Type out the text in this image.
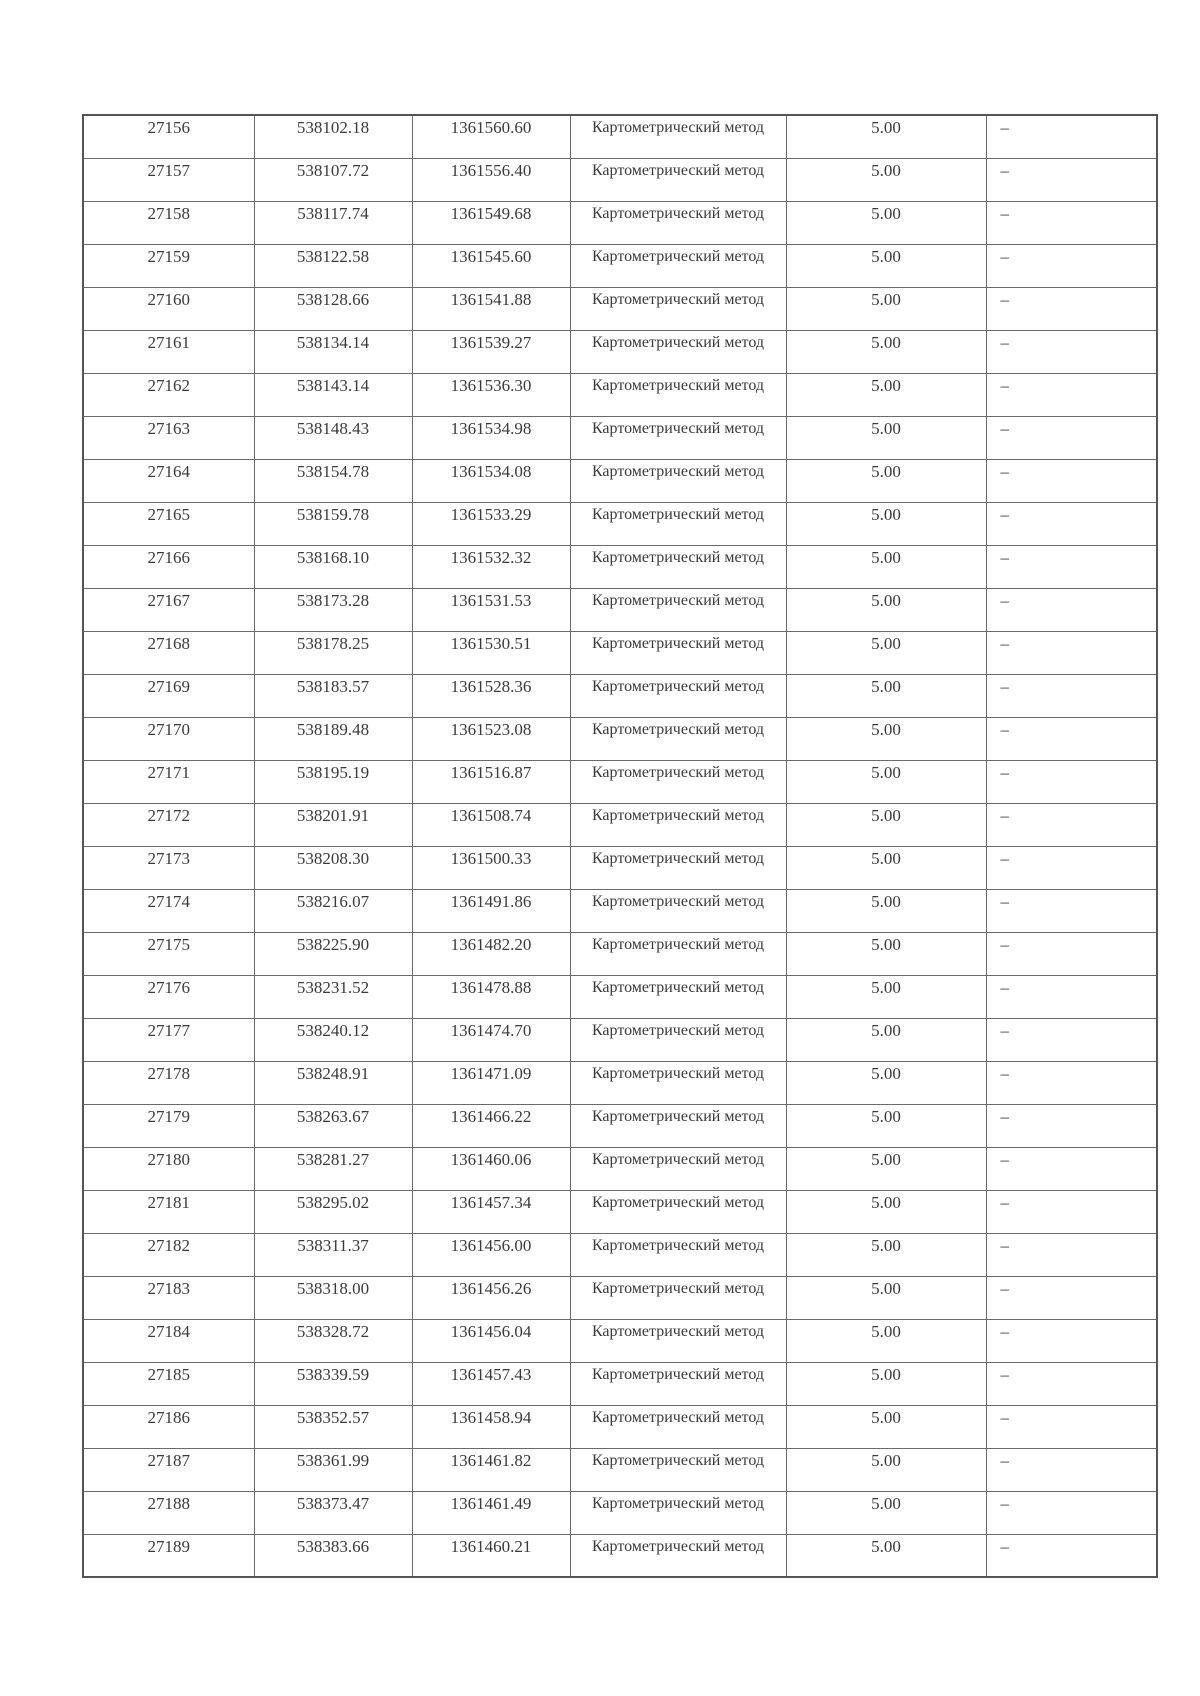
27156	538102.18	1361560.60	Картометрический метод	5.00	–
27157	538107.72	1361556.40	Картометрический метод	5.00	–
27158	538117.74	1361549.68	Картометрический метод	5.00	–
27159	538122.58	1361545.60	Картометрический метод	5.00	–
27160	538128.66	1361541.88	Картометрический метод	5.00	–
27161	538134.14	1361539.27	Картометрический метод	5.00	–
27162	538143.14	1361536.30	Картометрический метод	5.00	–
27163	538148.43	1361534.98	Картометрический метод	5.00	–
27164	538154.78	1361534.08	Картометрический метод	5.00	–
27165	538159.78	1361533.29	Картометрический метод	5.00	–
27166	538168.10	1361532.32	Картометрический метод	5.00	–
27167	538173.28	1361531.53	Картометрический метод	5.00	–
27168	538178.25	1361530.51	Картометрический метод	5.00	–
27169	538183.57	1361528.36	Картометрический метод	5.00	–
27170	538189.48	1361523.08	Картометрический метод	5.00	–
27171	538195.19	1361516.87	Картометрический метод	5.00	–
27172	538201.91	1361508.74	Картометрический метод	5.00	–
27173	538208.30	1361500.33	Картометрический метод	5.00	–
27174	538216.07	1361491.86	Картометрический метод	5.00	–
27175	538225.90	1361482.20	Картометрический метод	5.00	–
27176	538231.52	1361478.88	Картометрический метод	5.00	–
27177	538240.12	1361474.70	Картометрический метод	5.00	–
27178	538248.91	1361471.09	Картометрический метод	5.00	–
27179	538263.67	1361466.22	Картометрический метод	5.00	–
27180	538281.27	1361460.06	Картометрический метод	5.00	–
27181	538295.02	1361457.34	Картометрический метод	5.00	–
27182	538311.37	1361456.00	Картометрический метод	5.00	–
27183	538318.00	1361456.26	Картометрический метод	5.00	–
27184	538328.72	1361456.04	Картометрический метод	5.00	–
27185	538339.59	1361457.43	Картометрический метод	5.00	–
27186	538352.57	1361458.94	Картометрический метод	5.00	–
27187	538361.99	1361461.82	Картометрический метод	5.00	–
27188	538373.47	1361461.49	Картометрический метод	5.00	–
27189	538383.66	1361460.21	Картометрический метод	5.00	–
